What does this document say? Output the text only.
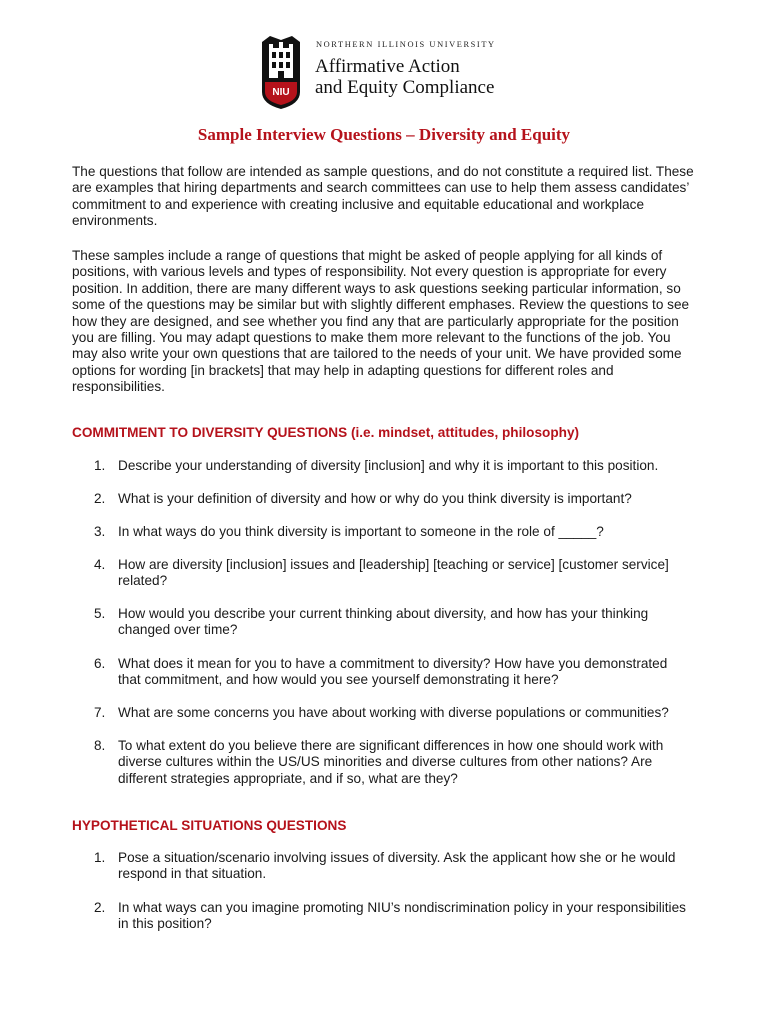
NIU
NORTHERN ILLINOIS UNIVERSITY
Affirmative Action
and Equity Compliance
Sample Interview Questions – Diversity and Equity
The questions that follow are intended as sample questions, and do not constitute a required list. These are examples that hiring departments and search committees can use to help them assess candidates’ commitment to and experience with creating inclusive and equitable educational and workplace environments.
These samples include a range of questions that might be asked of people applying for all kinds of positions, with various levels and types of responsibility. Not every question is appropriate for every position. In addition, there are many different ways to ask questions seeking particular information, so some of the questions may be similar but with slightly different emphases. Review the questions to see how they are designed, and see whether you find any that are particularly appropriate for the position you are filling. You may adapt questions to make them more relevant to the functions of the job. You may also write your own questions that are tailored to the needs of your unit. We have provided some options for wording [in brackets] that may help in adapting questions for different roles and responsibilities.
COMMITMENT TO DIVERSITY QUESTIONS (i.e. mindset, attitudes, philosophy)
1. Describe your understanding of diversity [inclusion] and why it is important to this position.
2. What is your definition of diversity and how or why do you think diversity is important?
3. In what ways do you think diversity is important to someone in the role of _____?
4. How are diversity [inclusion] issues and [leadership] [teaching or service] [customer service] related?
5. How would you describe your current thinking about diversity, and how has your thinking changed over time?
6. What does it mean for you to have a commitment to diversity? How have you demonstrated that commitment, and how would you see yourself demonstrating it here?
7. What are some concerns you have about working with diverse populations or communities?
8. To what extent do you believe there are significant differences in how one should work with diverse cultures within the US/US minorities and diverse cultures from other nations? Are different strategies appropriate, and if so, what are they?
HYPOTHETICAL SITUATIONS QUESTIONS
1. Pose a situation/scenario involving issues of diversity. Ask the applicant how she or he would respond in that situation.
2. In what ways can you imagine promoting NIU’s nondiscrimination policy in your responsibilities in this position?
